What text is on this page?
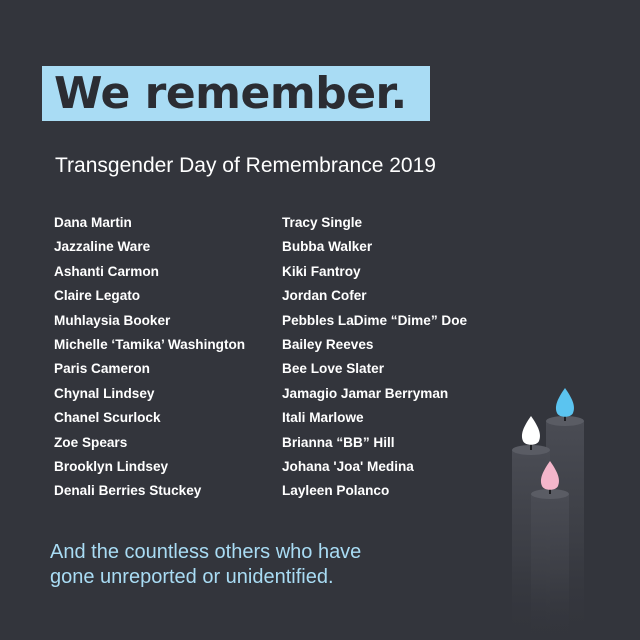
We remember.
Transgender Day of Remembrance 2019
Dana Martin
Jazzaline Ware
Ashanti Carmon
Claire Legato
Muhlaysia Booker
Michelle ‘Tamika’ Washington
Paris Cameron
Chynal Lindsey
Chanel Scurlock
Zoe Spears
Brooklyn Lindsey
Denali Berries Stuckey
Tracy Single
Bubba Walker
Kiki Fantroy
Jordan Cofer
Pebbles LaDime “Dime” Doe
Bailey Reeves
Bee Love Slater
Jamagio Jamar Berryman
Itali Marlowe
Brianna “BB” Hill
Johana 'Joa' Medina
Layleen Polanco
And the countless others who have
gone unreported or unidentified.
